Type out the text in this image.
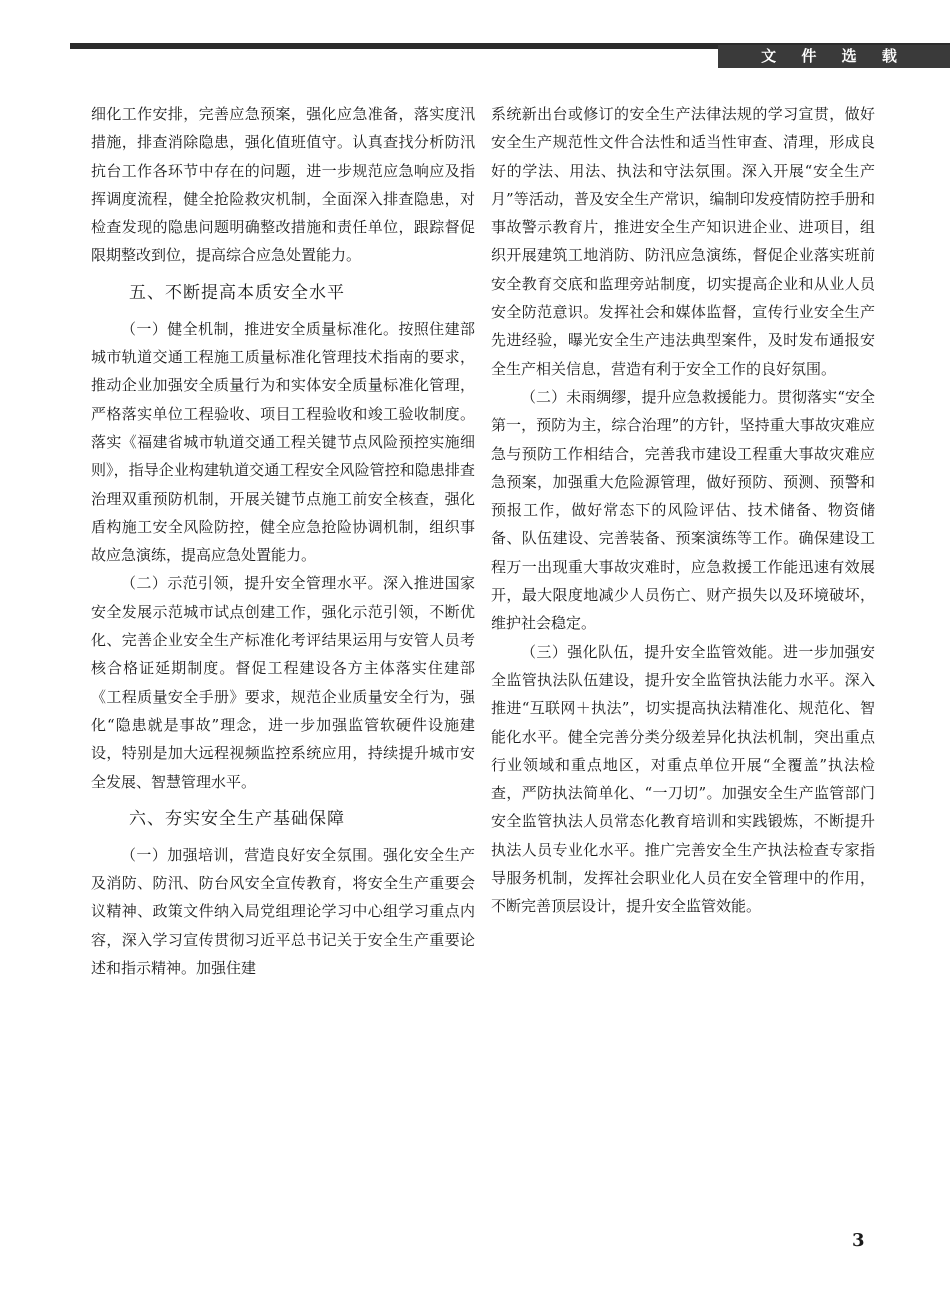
文 件 选 载

细化工作安排，完善应急预案，强化应急准备，落实度汛措施，排查消除隐患，强化值班值守。认真查找分析防汛抗台工作各环节中存在的问题，进一步规范应急响应及指挥调度流程，健全抢险救灾机制，全面深入排查隐患，对检查发现的隐患问题明确整改措施和责任单位，跟踪督促限期整改到位，提高综合应急处置能力。

五、不断提高本质安全水平

（一）健全机制，推进安全质量标准化。按照住建部城市轨道交通工程施工质量标准化管理技术指南的要求，推动企业加强安全质量行为和实体安全质量标准化管理，严格落实单位工程验收、项目工程验收和竣工验收制度。落实《福建省城市轨道交通工程关键节点风险预控实施细则》，指导企业构建轨道交通工程安全风险管控和隐患排查治理双重预防机制，开展关键节点施工前安全核查，强化盾构施工安全风险防控，健全应急抢险协调机制，组织事故应急演练，提高应急处置能力。

（二）示范引领，提升安全管理水平。深入推进国家安全发展示范城市试点创建工作，强化示范引领，不断优化、完善企业安全生产标准化考评结果运用与安管人员考核合格证延期制度。督促工程建设各方主体落实住建部《工程质量安全手册》要求，规范企业质量安全行为，强化“隐患就是事故”理念，进一步加强监管软硬件设施建设，特别是加大远程视频监控系统应用，持续提升城市安全发展、智慧管理水平。

六、夯实安全生产基础保障

（一）加强培训，营造良好安全氛围。强化安全生产及消防、防汛、防台风安全宣传教育，将安全生产重要会议精神、政策文件纳入局党组理论学习中心组学习重点内容，深入学习宣传贯彻习近平总书记关于安全生产重要论述和指示精神。加强住建

系统新出台或修订的安全生产法律法规的学习宣贯，做好安全生产规范性文件合法性和适当性审查、清理，形成良好的学法、用法、执法和守法氛围。深入开展“安全生产月”等活动，普及安全生产常识，编制印发疫情防控手册和事故警示教育片，推进安全生产知识进企业、进项目，组织开展建筑工地消防、防汛应急演练，督促企业落实班前安全教育交底和监理旁站制度，切实提高企业和从业人员安全防范意识。发挥社会和媒体监督，宣传行业安全生产先进经验，曝光安全生产违法典型案件，及时发布通报安全生产相关信息，营造有利于安全工作的良好氛围。

（二）未雨绸缪，提升应急救援能力。贯彻落实“安全第一，预防为主，综合治理”的方针，坚持重大事故灾难应急与预防工作相结合，完善我市建设工程重大事故灾难应急预案，加强重大危险源管理，做好预防、预测、预警和预报工作，做好常态下的风险评估、技术储备、物资储备、队伍建设、完善装备、预案演练等工作。确保建设工程万一出现重大事故灾难时，应急救援工作能迅速有效展开，最大限度地减少人员伤亡、财产损失以及环境破坏，维护社会稳定。

（三）强化队伍，提升安全监管效能。进一步加强安全监管执法队伍建设，提升安全监管执法能力水平。深入推进“互联网＋执法”，切实提高执法精准化、规范化、智能化水平。健全完善分类分级差异化执法机制，突出重点行业领域和重点地区，对重点单位开展“全覆盖”执法检查，严防执法简单化、“一刀切”。加强安全生产监管部门安全监管执法人员常态化教育培训和实践锻炼，不断提升执法人员专业化水平。推广完善安全生产执法检查专家指导服务机制，发挥社会职业化人员在安全管理中的作用，不断完善顶层设计，提升安全监管效能。

3
